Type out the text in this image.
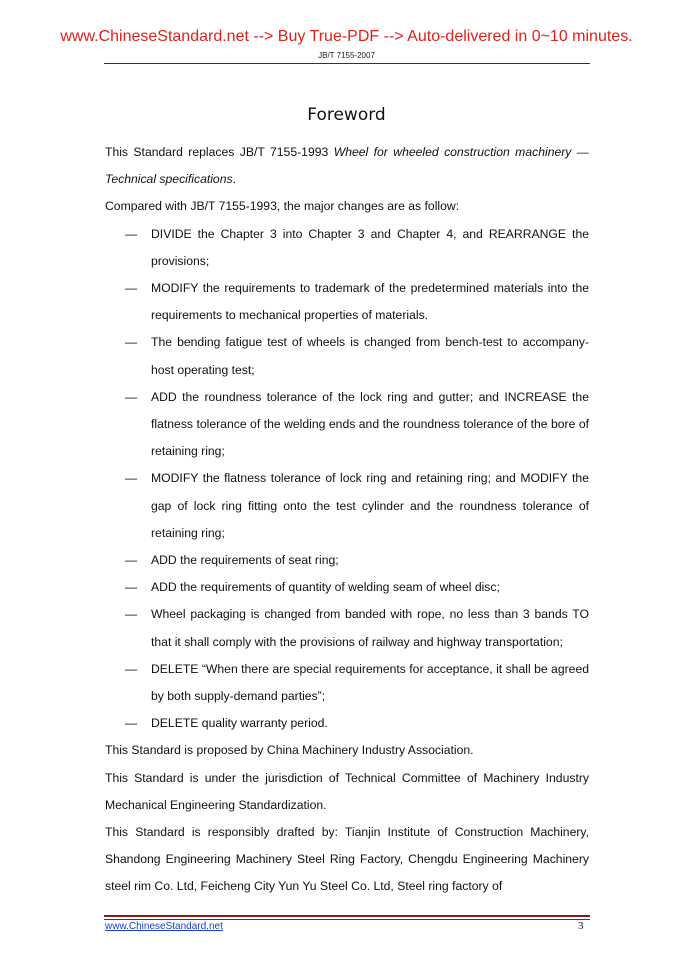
www.ChineseStandard.net --> Buy True-PDF --> Auto-delivered in 0~10 minutes.
JB/T 7155-2007
Foreword

This Standard replaces JB/T 7155-1993 Wheel for wheeled construction machinery — Technical specifications.

Compared with JB/T 7155-1993, the major changes are as follow:

— DIVIDE the Chapter 3 into Chapter 3 and Chapter 4, and REARRANGE the provisions;
— MODIFY the requirements to trademark of the predetermined materials into the requirements to mechanical properties of materials.
— The bending fatigue test of wheels is changed from bench-test to accompany-host operating test;
— ADD the roundness tolerance of the lock ring and gutter; and INCREASE the flatness tolerance of the welding ends and the roundness tolerance of the bore of retaining ring;
— MODIFY the flatness tolerance of lock ring and retaining ring; and MODIFY the gap of lock ring fitting onto the test cylinder and the roundness tolerance of retaining ring;
— ADD the requirements of seat ring;
— ADD the requirements of quantity of welding seam of wheel disc;
— Wheel packaging is changed from banded with rope, no less than 3 bands TO that it shall comply with the provisions of railway and highway transportation;
— DELETE “When there are special requirements for acceptance, it shall be agreed by both supply-demand parties”;
— DELETE quality warranty period.

This Standard is proposed by China Machinery Industry Association.

This Standard is under the jurisdiction of Technical Committee of Machinery Industry Mechanical Engineering Standardization.

This Standard is responsibly drafted by: Tianjin Institute of Construction Machinery, Shandong Engineering Machinery Steel Ring Factory, Chengdu Engineering Machinery steel rim Co. Ltd, Feicheng City Yun Yu Steel Co. Ltd, Steel ring factory of

www.ChineseStandard.net	3
